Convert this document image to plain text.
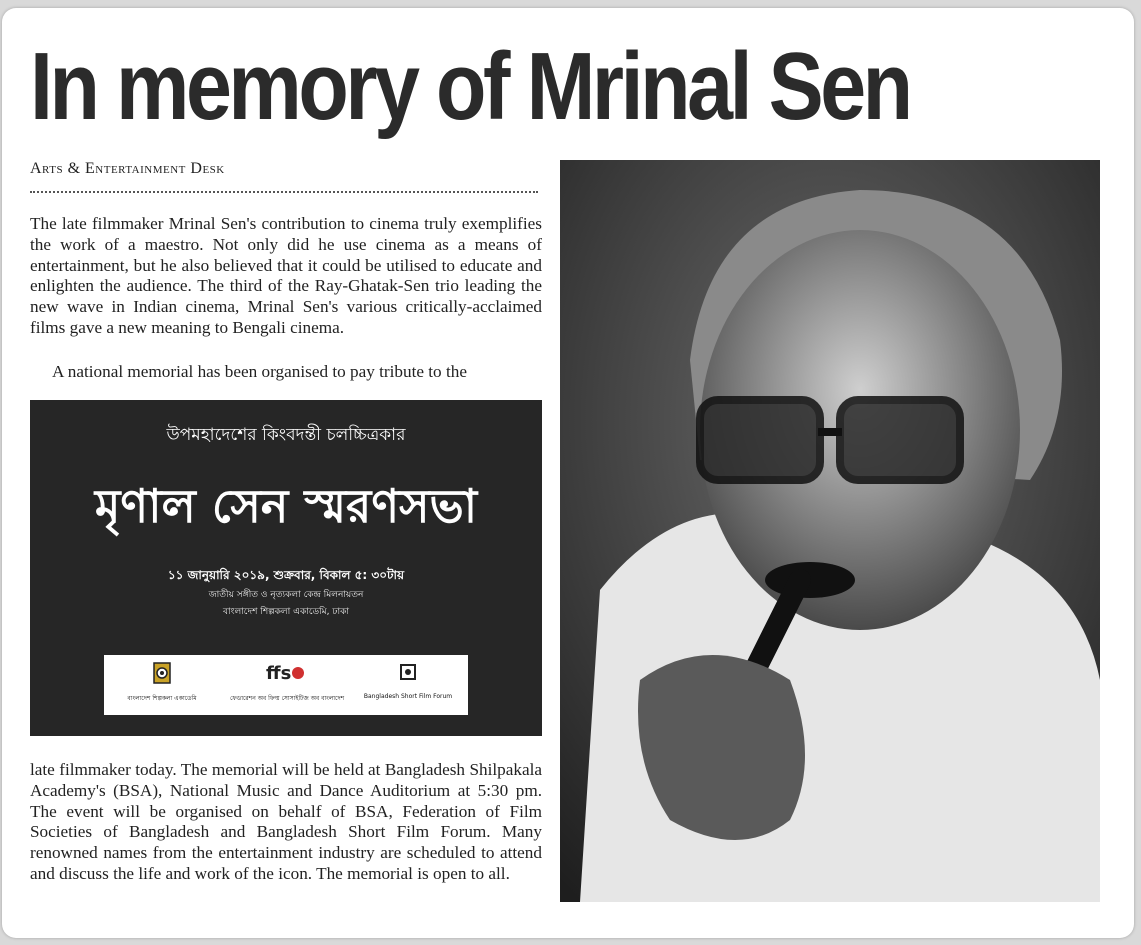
In memory of Mrinal Sen
Arts & Entertainment Desk

The late filmmaker Mrinal Sen's contribution to cinema truly exemplifies the work of a maestro. Not only did he use cinema as a means of entertainment, but he also believed that it could be utilised to educate and enlighten the audience. The third of the Ray-Ghatak-Sen trio leading the new wave in Indian cinema, Mrinal Sen's various critically-acclaimed films gave a new meaning to Bengali cinema.

A national memorial has been organised to pay tribute to the

উপমহাদেশের কিংবদন্তী চলচ্চিত্রকার
মৃণাল সেন স্মরণসভা
১১ জানুয়ারি ২০১৯, শুক্রবার, বিকাল ৫: ৩০টায়
জাতীয় সঙ্গীত ও নৃত্যকলা কেন্দ্র মিলনায়তন
বাংলাদেশ শিল্পকলা একাডেমি, ঢাকা
বাংলাদেশ শিল্পকলা একাডেমি
ffs
ফেডারেশন অব ফিল্ম সোসাইটিজ অব বাংলাদেশ	Bangladesh Short Film Forum

late filmmaker today. The memorial will be held at Bangladesh Shilpakala Academy's (BSA), National Music and Dance Auditorium at 5:30 pm. The event will be organised on behalf of BSA, Federation of Film Societies of Bangladesh and Bangladesh Short Film Forum. Many renowned names from the entertainment industry are scheduled to attend and discuss the life and work of the icon. The memorial is open to all.
